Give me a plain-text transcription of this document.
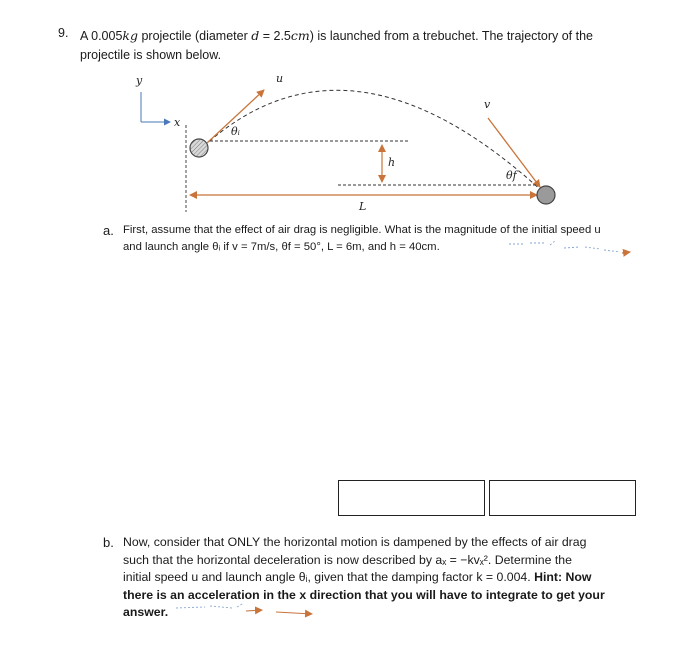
9. A 0.005kg projectile (diameter d = 2.5cm) is launched from a trebuchet. The trajectory of the
projectile is shown below.
y
x
u
v
θᵢ
θf
h
L
a. First, assume that the effect of air drag is negligible. What is the magnitude of the initial speed u
and launch angle θᵢ if v = 7m/s, θf = 50°, L = 6m, and h = 40cm.
b. Now, consider that ONLY the horizontal motion is dampened by the effects of air drag
such that the horizontal deceleration is now described by aₓ = −kvₓ². Determine the
initial speed u and launch angle θᵢ, given that the damping factor k = 0.004. Hint: Now
there is an acceleration in the x direction that you will have to integrate to get your
answer.
